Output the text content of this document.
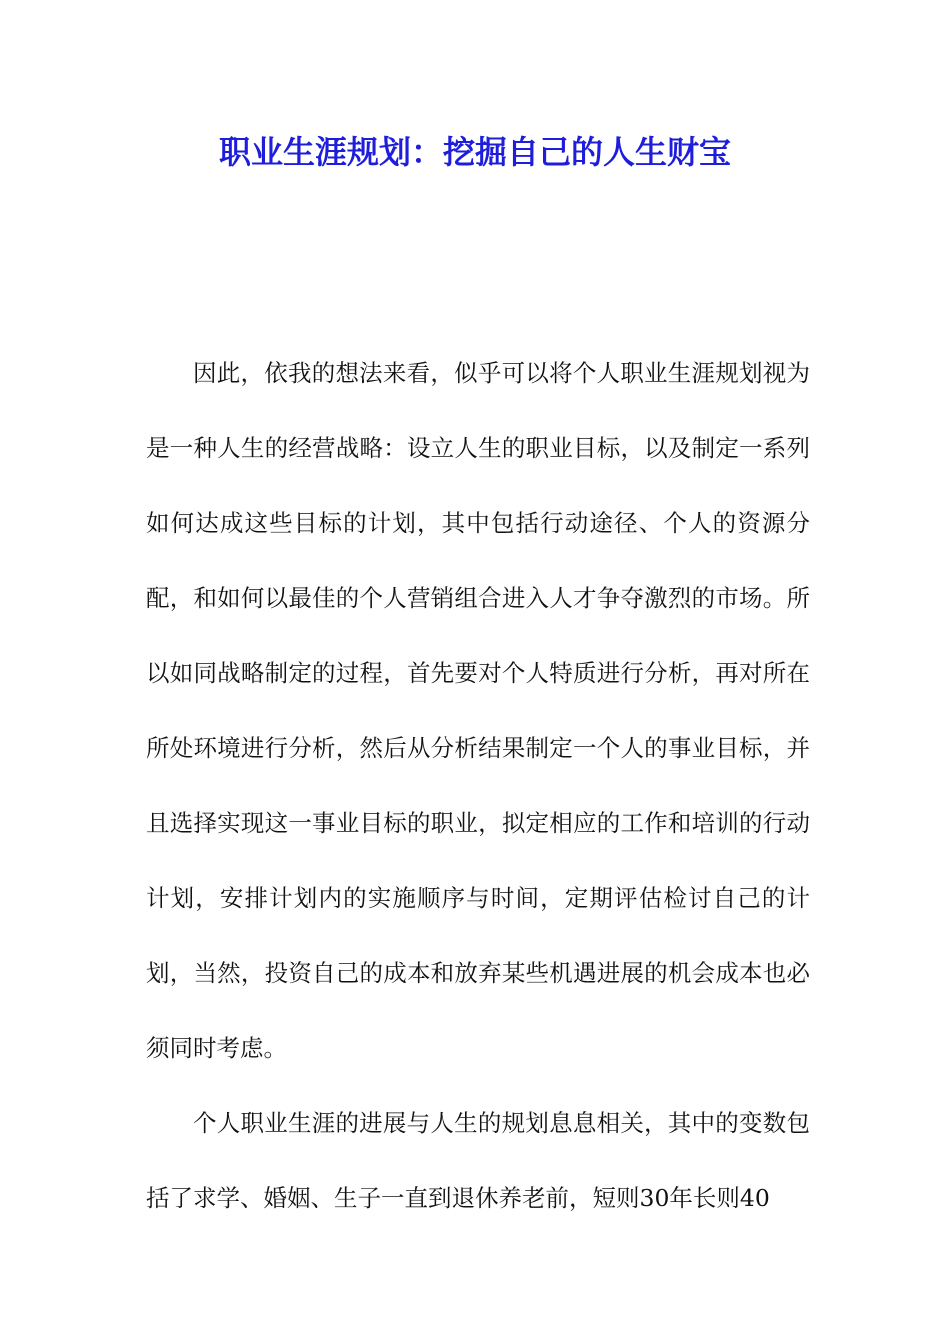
职业生涯规划：挖掘自己的人生财宝

因此，依我的想法来看，似乎可以将个人职业生涯规划视为是一种人生的经营战略：设立人生的职业目标，以及制定一系列如何达成这些目标的计划，其中包括行动途径、个人的资源分配，和如何以最佳的个人营销组合进入人才争夺激烈的市场。所以如同战略制定的过程，首先要对个人特质进行分析，再对所在所处环境进行分析，然后从分析结果制定一个人的事业目标，并且选择实现这一事业目标的职业，拟定相应的工作和培训的行动计划，安排计划内的实施顺序与时间，定期评估检讨自己的计划，当然，投资自己的成本和放弃某些机遇进展的机会成本也必须同时考虑。

个人职业生涯的进展与人生的规划息息相关，其中的变数包括了求学、婚姻、生子一直到退休养老前，短则30年长则40
